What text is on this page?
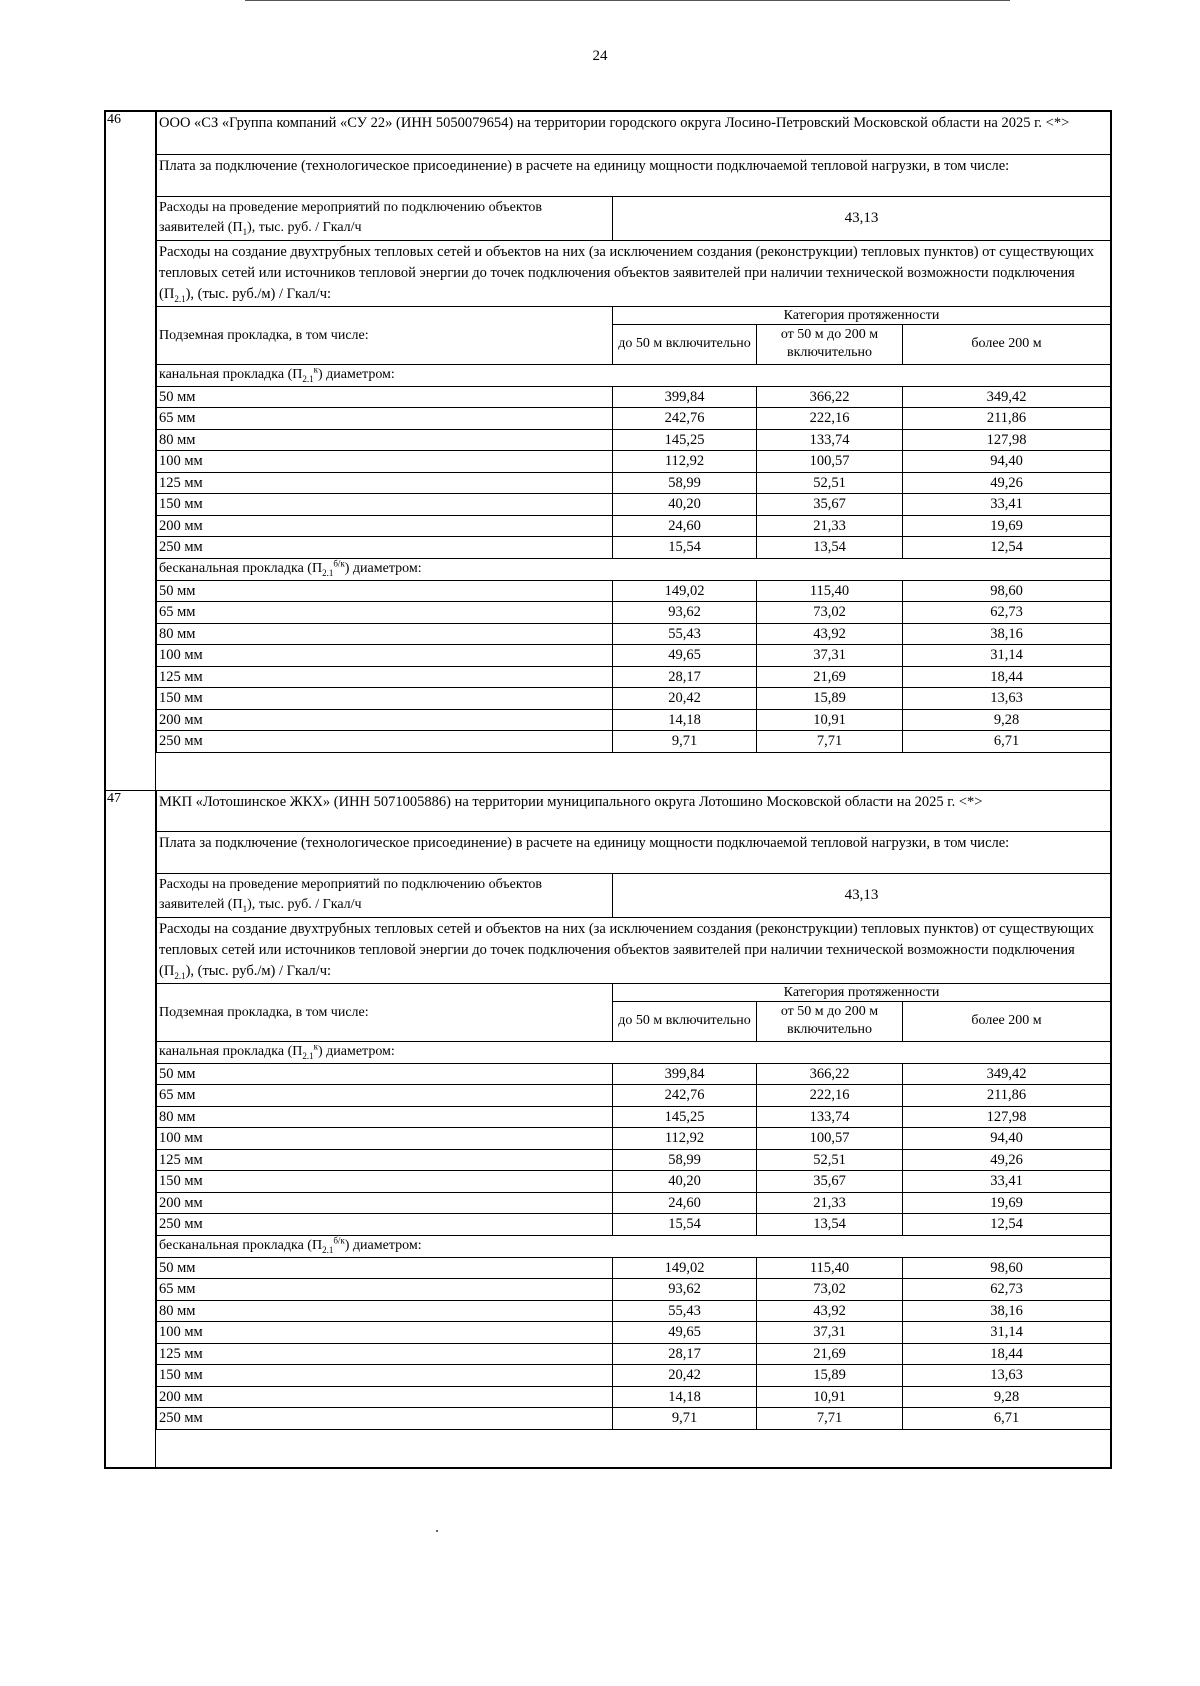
24
46	ООО «СЗ «Группа компаний «СУ 22» (ИНН 5050079654) на территории городского округа Лосино-Петровский Московской области на 2025 г. <*>			
Плата за подключение (технологическое присоединение) в расчете на единицу мощности подключаемой тепловой нагрузки, в том числе:			
Расходы на проведение мероприятий по подключению объектов заявителей $(П_1)$, тыс. руб. / Гкал/ч	43,13		
Расходы на создание двухтрубных тепловых сетей и объектов на них (за исключением создания (реконструкции) тепловых пунктов) от существующих тепловых сетей или источников тепловой энергии до точек подключения объектов заявителей при наличии технической возможности подключения $(П_{2.1})$, (тыс. руб./м) / Гкал/ч:			
Подземная прокладка, в том числе:	Категория протяженности		
	до 50 м включительно	от 50 м до 200 м включительно	более 200 м
канальная прокладка $(П_{2.1}^к)$ диаметром:			
50 мм	399,84	366,22	349,42
65 мм	242,76	222,16	211,86
80 мм	145,25	133,74	127,98
100 мм	112,92	100,57	94,40
125 мм	58,99	52,51	49,26
150 мм	40,20	35,67	33,41
200 мм	24,60	21,33	19,69
250 мм	15,54	13,54	12,54
бесканальная прокладка $(П_{2.1}^{б/к})$ диаметром:			
50 мм	149,02	115,40	98,60
65 мм	93,62	73,02	62,73
80 мм	55,43	43,92	38,16
100 мм	49,65	37,31	31,14
125 мм	28,17	21,69	18,44
150 мм	20,42	15,89	13,63
200 мм	14,18	10,91	9,28
250 мм	9,71	7,71	6,71
47	МКП «Лотошинское ЖКХ» (ИНН 5071005886) на территории муниципального округа Лотошино Московской области на 2025 г. <*>			
Плата за подключение (технологическое присоединение) в расчете на единицу мощности подключаемой тепловой нагрузки, в том числе:			
Расходы на проведение мероприятий по подключению объектов заявителей $(П_1)$, тыс. руб. / Гкал/ч	43,13		
Расходы на создание двухтрубных тепловых сетей и объектов на них (за исключением создания (реконструкции) тепловых пунктов) от существующих тепловых сетей или источников тепловой энергии до точек подключения объектов заявителей при наличии технической возможности подключения $(П_{2.1})$, (тыс. руб./м) / Гкал/ч:			
Подземная прокладка, в том числе:	Категория протяженности		
	до 50 м включительно	от 50 м до 200 м включительно	более 200 м
канальная прокладка $(П_{2.1}^к)$ диаметром:			
50 мм	399,84	366,22	349,42
65 мм	242,76	222,16	211,86
80 мм	145,25	133,74	127,98
100 мм	112,92	100,57	94,40
125 мм	58,99	52,51	49,26
150 мм	40,20	35,67	33,41
200 мм	24,60	21,33	19,69
250 мм	15,54	13,54	12,54
бесканальная прокладка $(П_{2.1}^{б/к})$ диаметром:			
50 мм	149,02	115,40	98,60
65 мм	93,62	73,02	62,73
80 мм	55,43	43,92	38,16
100 мм	49,65	37,31	31,14
125 мм	28,17	21,69	18,44
150 мм	20,42	15,89	13,63
200 мм	14,18	10,91	9,28
250 мм	9,71	7,71	6,71
